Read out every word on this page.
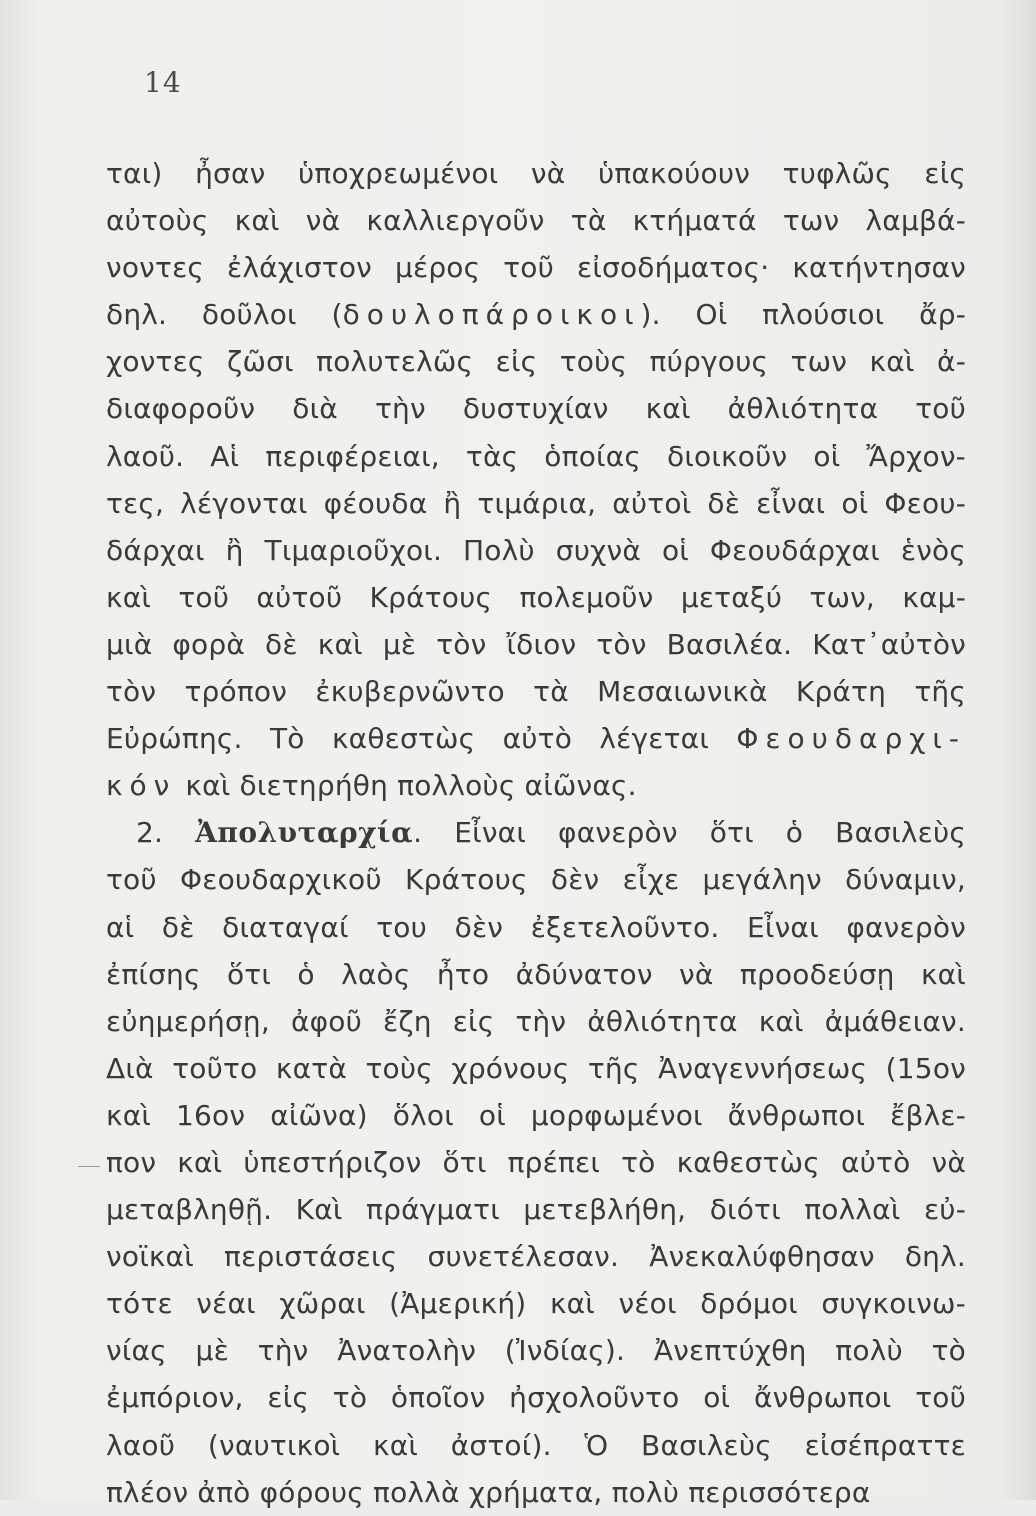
14
ται) ἦσαν ὑποχρεωμένοι νὰ ὑπακούουν τυφλῶς εἰς
αὐτοὺς καὶ νὰ καλλιεργοῦν τὰ κτήματά των λαμβά-
νοντες ἐλάχιστον μέρος τοῦ εἰσοδήματος· κατήντησαν
δηλ. δοῦλοι (δουλοπάροικοι). Οἱ πλούσιοι ἄρ-
χοντες ζῶσι πολυτελῶς εἰς τοὺς πύργους των καὶ ἀ-
διαφοροῦν διὰ τὴν δυστυχίαν καὶ ἀθλιότητα τοῦ
λαοῦ. Αἱ περιφέρειαι, τὰς ὁποίας διοικοῦν οἱ Ἄρχον-
τες, λέγονται φέουδα ἢ τιμάρια, αὐτοὶ δὲ εἶναι οἱ Φεου-
δάρχαι ἢ Τιμαριοῦχοι. Πολὺ συχνὰ οἱ Φεουδάρχαι ἑνὸς
καὶ τοῦ αὐτοῦ Κράτους πολεμοῦν μεταξύ των, καμ-
μιὰ φορὰ δὲ καὶ μὲ τὸν ἴδιον τὸν Βασιλέα. Κατ᾽αὐτὸν
τὸν τρόπον ἐκυβερνῶντο τὰ Μεσαιωνικὰ Κράτη τῆς
Εὐρώπης. Τὸ καθεστὼς αὐτὸ λέγεται Φεουδαρχι-
κόν καὶ διετηρήθη πολλοὺς αἰῶνας.
2. Ἀπολυταρχία. Εἶναι φανερὸν ὅτι ὁ Βασιλεὺς
τοῦ Φεουδαρχικοῦ Κράτους δὲν εἶχε μεγάλην δύναμιν,
αἱ δὲ διαταγαί του δὲν ἐξετελοῦντο. Εἶναι φανερὸν
ἐπίσης ὅτι ὁ λαὸς ἦτο ἀδύνατον νὰ προοδεύσῃ καὶ
εὐημερήσῃ, ἀφοῦ ἔζη εἰς τὴν ἀθλιότητα καὶ ἀμάθειαν.
Διὰ τοῦτο κατὰ τοὺς χρόνους τῆς Ἀναγεννήσεως (15ον
καὶ 16ον αἰῶνα) ὅλοι οἱ μορφωμένοι ἄνθρωποι ἔβλε-
πον καὶ ὑπεστήριζον ὅτι πρέπει τὸ καθεστὼς αὐτὸ νὰ
μεταβληθῇ. Καὶ πράγματι μετεβλήθη, διότι πολλαὶ εὐ-
νοϊκαὶ περιστάσεις συνετέλεσαν. Ἀνεκαλύφθησαν δηλ.
τότε νέαι χῶραι (Ἀμερική) καὶ νέοι δρόμοι συγκοινω-
νίας μὲ τὴν Ἀνατολὴν (Ἰνδίας). Ἀνεπτύχθη πολὺ τὸ
ἐμπόριον, εἰς τὸ ὁποῖον ἠσχολοῦντο οἱ ἄνθρωποι τοῦ
λαοῦ (ναυτικοὶ καὶ ἀστοί). Ὁ Βασιλεὺς εἰσέπραττε
πλέον ἀπὸ φόρους πολλὰ χρήματα, πολὺ περισσότερα
